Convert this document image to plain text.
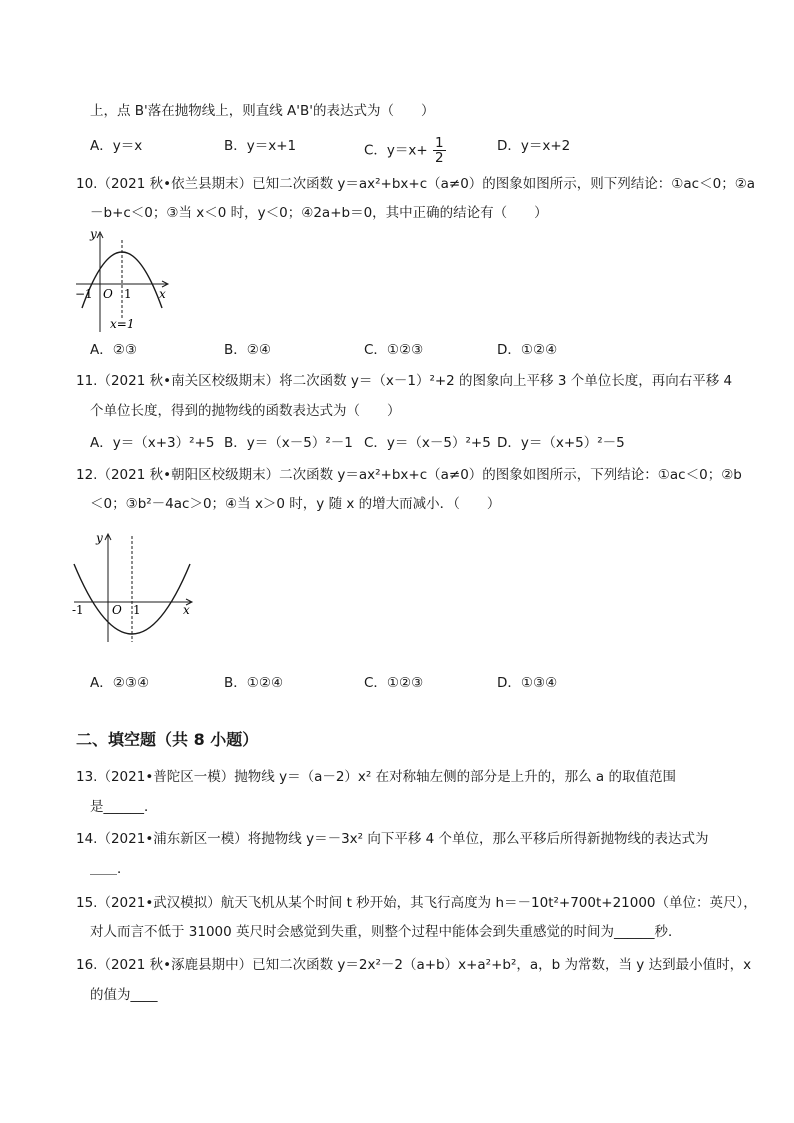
上，点 B'落在抛物线上，则直线 A'B'的表达式为（　　）
A．y＝x	B．y＝x+1	C．$y=x+ \frac{1}{2}$	D．y＝x+2
10.（2021 秋•依兰县期末）已知二次函数 y＝ax²+bx+c（a≠0）的图象如图所示，则下列结论：①ac＜0；②a
－b+c＜0；③当 x＜0 时，y＜0；④2a+b＝0，其中正确的结论有（　　）
y
x
−1 O 1
x=1
A．②③	B．②④	C．①②③	D．①②④
11.（2021 秋•南关区校级期末）将二次函数 y＝（x－1）²+2 的图象向上平移 3 个单位长度，再向右平移 4
个单位长度，得到的抛物线的函数表达式为（　　）
A．y＝（x+3）²+5 B．y＝（x－5）²－1 C．y＝（x－5）²+5 D．y＝（x+5）²－5
12.（2021 秋•朝阳区校级期末）二次函数 y＝ax²+bx+c（a≠0）的图象如图所示，下列结论：①ac＜0；②b
＜0；③b²－4ac＞0；④当 x＞0 时，y 随 x 的增大而减小．（　　）
y
x
-1 O 1
A．②③④	B．①②④	C．①②③	D．①③④
二、填空题（共 8 小题）
13.（2021•普陀区一模）抛物线 y＝（a－2）x² 在对称轴左侧的部分是上升的，那么 a 的取值范围
是______．
14.（2021•浦东新区一模）将抛物线 y＝－3x² 向下平移 4 个单位，那么平移后所得新抛物线的表达式为
＿＿．
15.（2021•武汉模拟）航天飞机从某个时间 t 秒开始，其飞行高度为 h＝－10t²+700t+21000（单位：英尺），
对人而言不低于 31000 英尺时会感觉到失重，则整个过程中能体会到失重感觉的时间为______秒．
16.（2021 秋•涿鹿县期中）已知二次函数 y＝2x²－2（a+b）x+a²+b²，a，b 为常数，当 y 达到最小值时，x
的值为____
